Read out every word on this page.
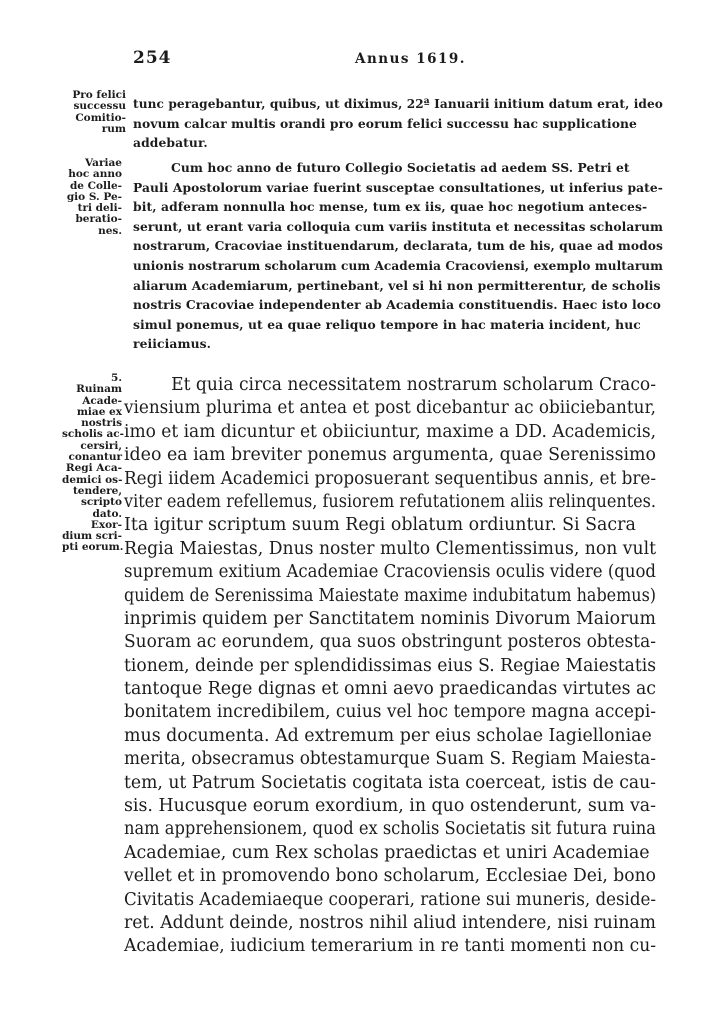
254	Annus 1619.
Pro felici
successu
Comitio-
rum
Variae
hoc anno
de Colle-
gio S. Pe-
tri deli-
beratio-
nes.
5.
Ruinam
Acade-
miae ex
nostris
scholis ac-
cersiri,
conantur
Regi Aca-
demici os-
tendere,
scripto
dato.
Exor-
dium scri-
pti eorum.
tunc peragebantur, quibus, ut diximus, 22ª Ianuarii initium datum erat, ideo
novum calcar multis orandi pro eorum felici successu hac supplicatione
addebatur.
Cum hoc anno de futuro Collegio Societatis ad aedem SS. Petri et
Pauli Apostolorum variae fuerint susceptae consultationes, ut inferius pate-
bit, adferam nonnulla hoc mense, tum ex iis, quae hoc negotium anteces-
serunt, ut erant varia colloquia cum variis instituta et necessitas scholarum
nostrarum, Cracoviae instituendarum, declarata, tum de his, quae ad modos
unionis nostrarum scholarum cum Academia Cracoviensi, exemplo multarum
aliarum Academiarum, pertinebant, vel si hi non permitterentur, de scholis
nostris Cracoviae independenter ab Academia constituendis. Haec isto loco
simul ponemus, ut ea quae reliquo tempore in hac materia incident, huc
reiiciamus.
Et quia circa necessitatem nostrarum scholarum Craco-
viensium plurima et antea et post dicebantur ac obiiciebantur,
imo et iam dicuntur et obiiciuntur, maxime a DD. Academicis,
ideo ea iam breviter ponemus argumenta, quae Serenissimo
Regi iidem Academici proposuerant sequentibus annis, et bre-
viter eadem refellemus, fusiorem refutationem aliis relinquentes.
Ita igitur scriptum suum Regi oblatum ordiuntur. Si Sacra
Regia Maiestas, Dnus noster multo Clementissimus, non vult
supremum exitium Academiae Cracoviensis oculis videre (quod
quidem de Serenissima Maiestate maxime indubitatum habemus)
inprimis quidem per Sanctitatem nominis Divorum Maiorum
Suoram ac eorundem, qua suos obstringunt posteros obtesta-
tionem, deinde per splendidissimas eius S. Regiae Maiestatis
tantoque Rege dignas et omni aevo praedicandas virtutes ac
bonitatem incredibilem, cuius vel hoc tempore magna accepi-
mus documenta. Ad extremum per eius scholae Iagielloniae
merita, obsecramus obtestamurque Suam S. Regiam Maiesta-
tem, ut Patrum Societatis cogitata ista coerceat, istis de cau-
sis. Hucusque eorum exordium, in quo ostenderunt, sum va-
nam apprehensionem, quod ex scholis Societatis sit futura ruina
Academiae, cum Rex scholas praedictas et uniri Academiae
vellet et in promovendo bono scholarum, Ecclesiae Dei, bono
Civitatis Academiaeque cooperari, ratione sui muneris, deside-
ret. Addunt deinde, nostros nihil aliud intendere, nisi ruinam
Academiae, iudicium temerarium in re tanti momenti non cu-
